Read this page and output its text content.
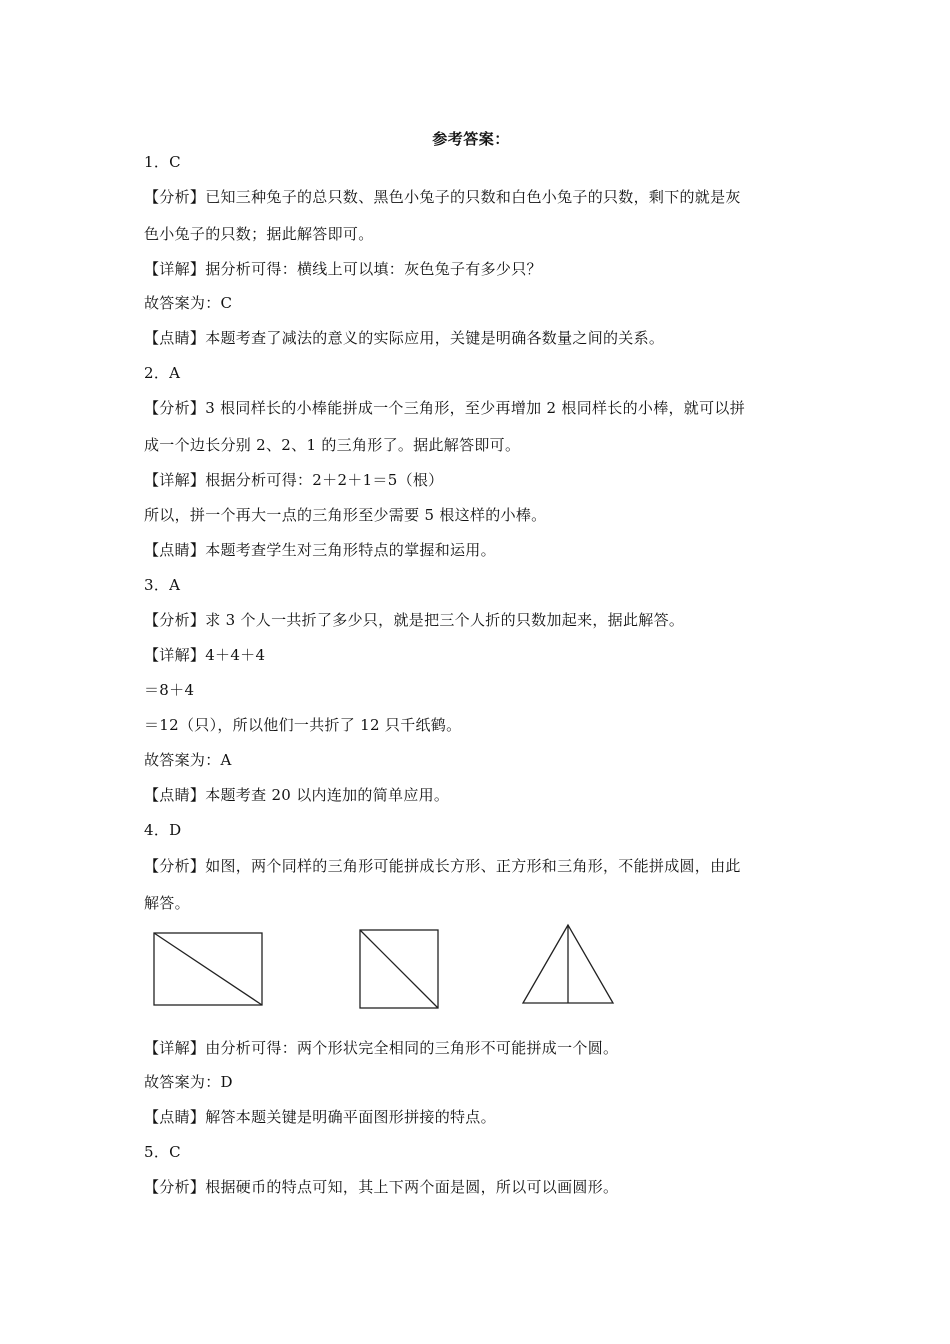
参考答案：
1．C
【分析】已知三种兔子的总只数、黑色小兔子的只数和白色小兔子的只数，剩下的就是灰
色小兔子的只数；据此解答即可。
【详解】据分析可得：横线上可以填：灰色兔子有多少只？
故答案为：C
【点睛】本题考查了减法的意义的实际应用，关键是明确各数量之间的关系。
2．A
【分析】3 根同样长的小棒能拼成一个三角形，至少再增加 2 根同样长的小棒，就可以拼
成一个边长分别 2、2、1 的三角形了。据此解答即可。
【详解】根据分析可得：2＋2＋1＝5（根）
所以，拼一个再大一点的三角形至少需要 5 根这样的小棒。
【点睛】本题考查学生对三角形特点的掌握和运用。
3．A
【分析】求 3 个人一共折了多少只，就是把三个人折的只数加起来，据此解答。
【详解】4＋4＋4
＝8＋4
＝12（只），所以他们一共折了 12 只千纸鹤。
故答案为：A
【点睛】本题考查 20 以内连加的简单应用。
4．D
【分析】如图，两个同样的三角形可能拼成长方形、正方形和三角形，不能拼成圆，由此
解答。
【详解】由分析可得：两个形状完全相同的三角形不可能拼成一个圆。
故答案为：D
【点睛】解答本题关键是明确平面图形拼接的特点。
5．C
【分析】根据硬币的特点可知，其上下两个面是圆，所以可以画圆形。
